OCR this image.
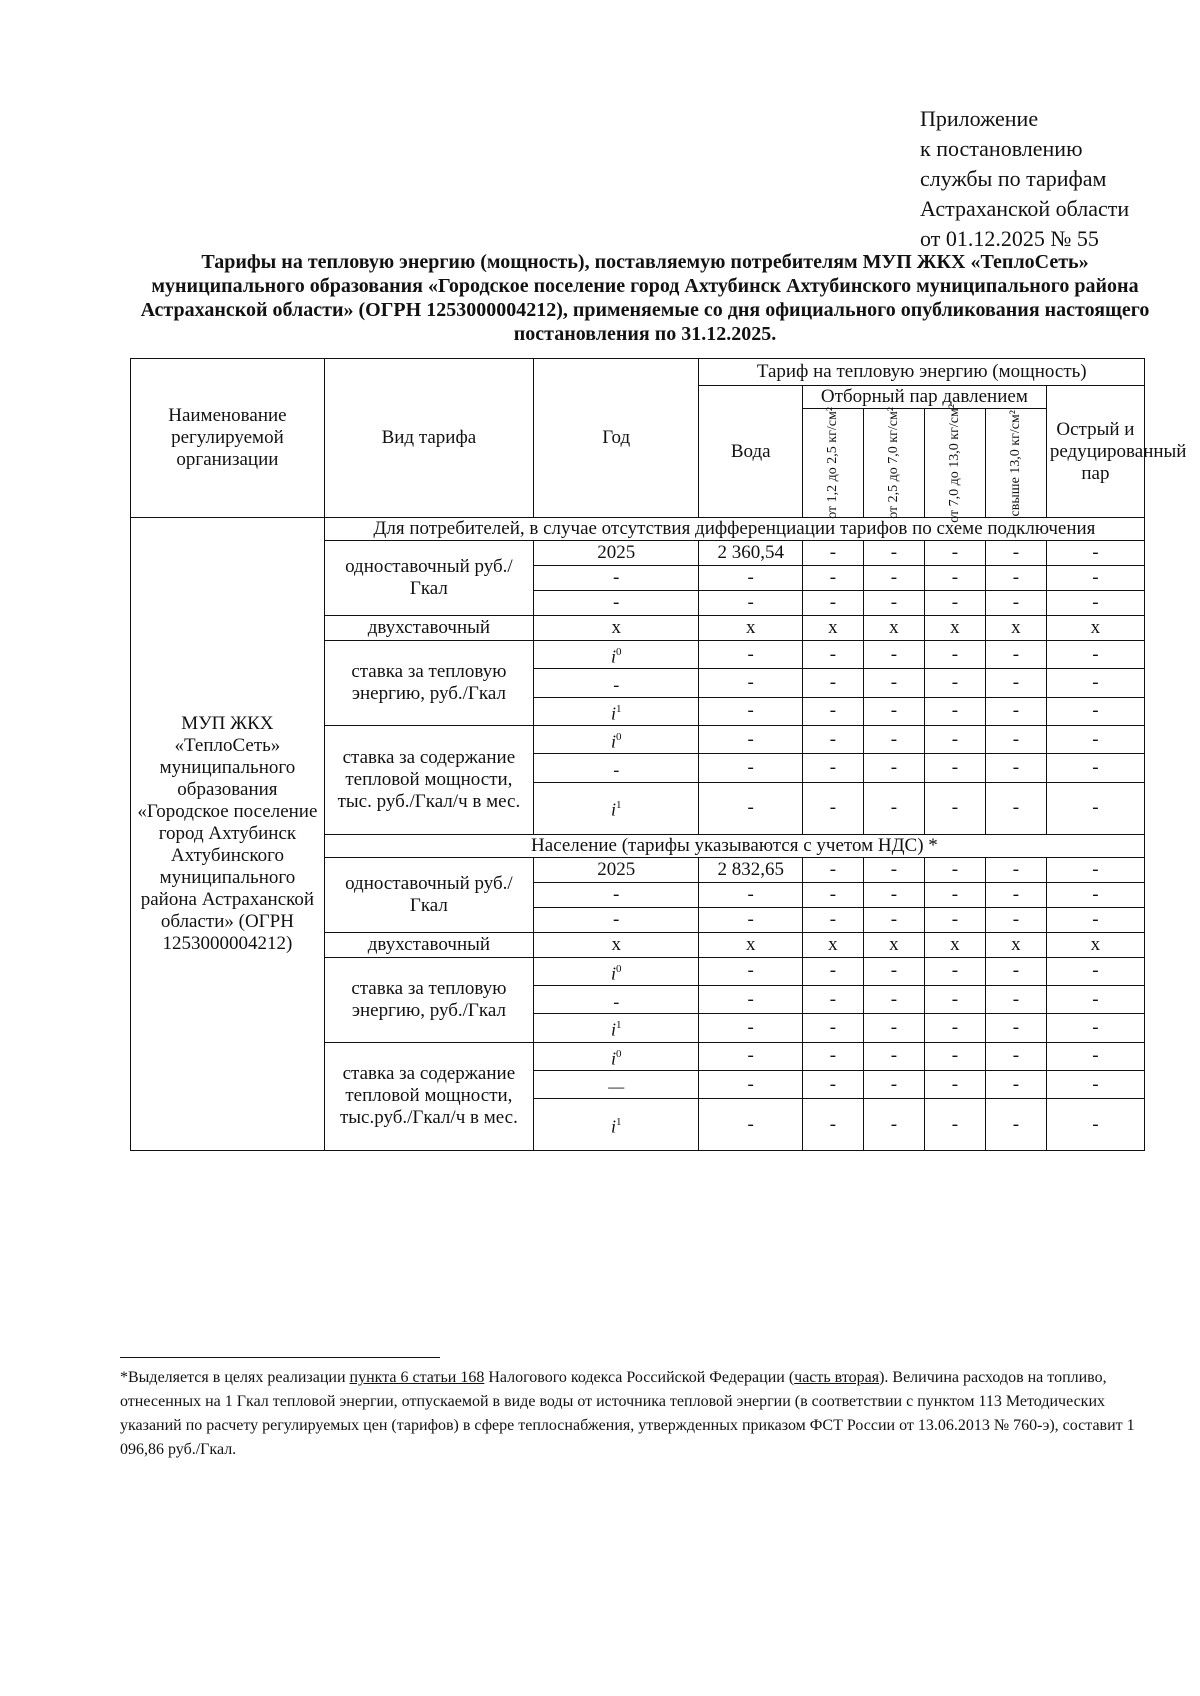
Приложение
к постановлению
службы по тарифам
Астраханской области
от 01.12.2025 № 55
Тарифы на тепловую энергию (мощность), поставляемую потребителям МУП ЖКХ «ТеплоСеть» муниципального образования «Городское поселение город Ахтубинск Ахтубинского муниципального района Астраханской области» (ОГРН 1253000004212), применяемые со дня официального опубликования настоящего постановления по 31.12.2025.
Наименование регулируемой организации	Вид тарифа	Год	Тариф на тепловую энергию (мощность)					
			Вода	Отборный пар давлением				Острый и редуцированный пар

				от 1,2 до 2,5 кг/см²	от 2,5 до 7,0 кг/см²	от 7,0 до 13,0 кг/см²	свыше 13,0 кг/см²	

МУП ЖКХ «ТеплоСеть» муниципального образования «Городское поселение город Ахтубинск Ахтубинского муниципального района Астраханской области» (ОГРН 1253000004212)	Для потребителей, в случае отсутствия дифференциации тарифов по схеме подключения							
	одноставочный руб./Гкал	2025	2 360,54	-	-	-	-	-
		-	-	-	-	-	-	-
		-	-	-	-	-	-	-
	двухставочный	x	x	x	x	x	x	x
	ставка за тепловую энергию, руб./Гкал	$i^0$	-	-	-	-	-	-
		-	-	-	-	-	-	-
		$i^1$	-	-	-	-	-	-
	ставка за содержание тепловой мощности, тыс. руб./Гкал/ч в мес.	$i^0$	-	-	-	-	-	-
		-	-	-	-	-	-	-
		$i^1$	-	-	-	-	-	-
	Население (тарифы указываются с учетом НДС) *							
	одноставочный руб./Гкал	2025	2 832,65	-	-	-	-	-
		-	-	-	-	-	-	-
		-	-	-	-	-	-	-
	двухставочный	x	x	x	x	x	x	x
	ставка за тепловую энергию, руб./Гкал	$i^0$	-	-	-	-	-	-
		-	-	-	-	-	-	-
		$i^1$	-	-	-	-	-	-
	ставка за содержание тепловой мощности, тыс.руб./Гкал/ч в мес.	$i^0$	-	-	-	-	-	-
		—	-	-	-	-	-	-
		$i^1$	-	-	-	-	-	-
*Выделяется в целях реализации пункта 6 статьи 168 Налогового кодекса Российской Федерации (часть вторая). Величина расходов на топливо, отнесенных на 1 Гкал тепловой энергии, отпускаемой в виде воды от источника тепловой энергии (в соответствии с пунктом 113 Методических указаний по расчету регулируемых цен (тарифов) в сфере теплоснабжения, утвержденных приказом ФСТ России от 13.06.2013 № 760-э), составит 1 096,86 руб./Гкал.
